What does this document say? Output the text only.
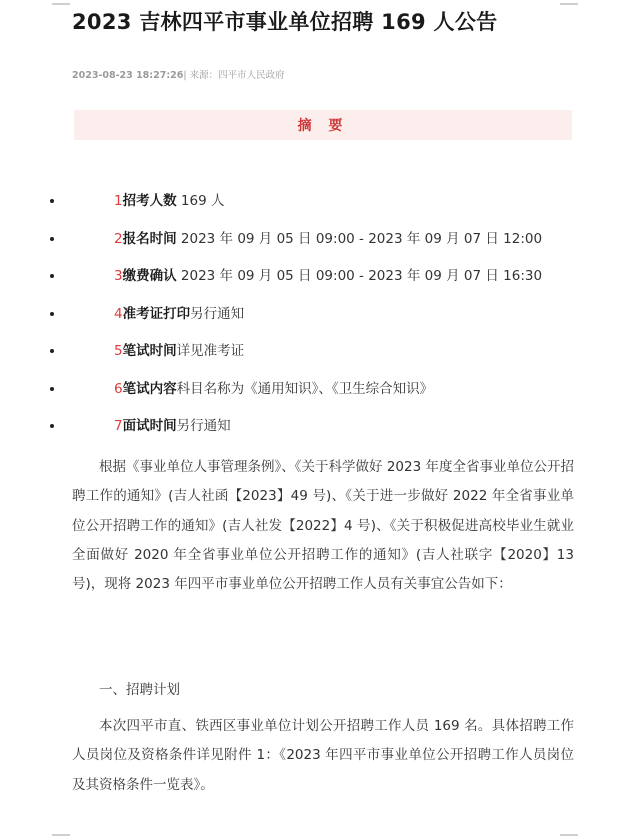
2023 吉林四平市事业单位招聘 169 人公告
2023-08-23 18:27:26| 来源：四平市人民政府
摘 要
1招考人数 169 人
2报名时间 2023 年 09 月 05 日 09:00 - 2023 年 09 月 07 日 12:00
3缴费确认 2023 年 09 月 05 日 09:00 - 2023 年 09 月 07 日 16:30
4准考证打印另行通知
5笔试时间详见准考证
6笔试内容科目名称为《通用知识》、《卫生综合知识》
7面试时间另行通知

根据《事业单位人事管理条例》、《关于科学做好 2023 年度全省事业单位公开招聘工作的通知》(吉人社函【2023】49 号)、《关于进一步做好 2022 年全省事业单位公开招聘工作的通知》(吉人社发【2022】4 号)、《关于积极促进高校毕业生就业全面做好 2020 年全省事业单位公开招聘工作的通知》(吉人社联字【2020】13 号)，现将 2023 年四平市事业单位公开招聘工作人员有关事宜公告如下：

一、招聘计划

本次四平市直、铁西区事业单位计划公开招聘工作人员 169 名。具体招聘工作人员岗位及资格条件详见附件 1：《2023 年四平市事业单位公开招聘工作人员岗位及其资格条件一览表》。
